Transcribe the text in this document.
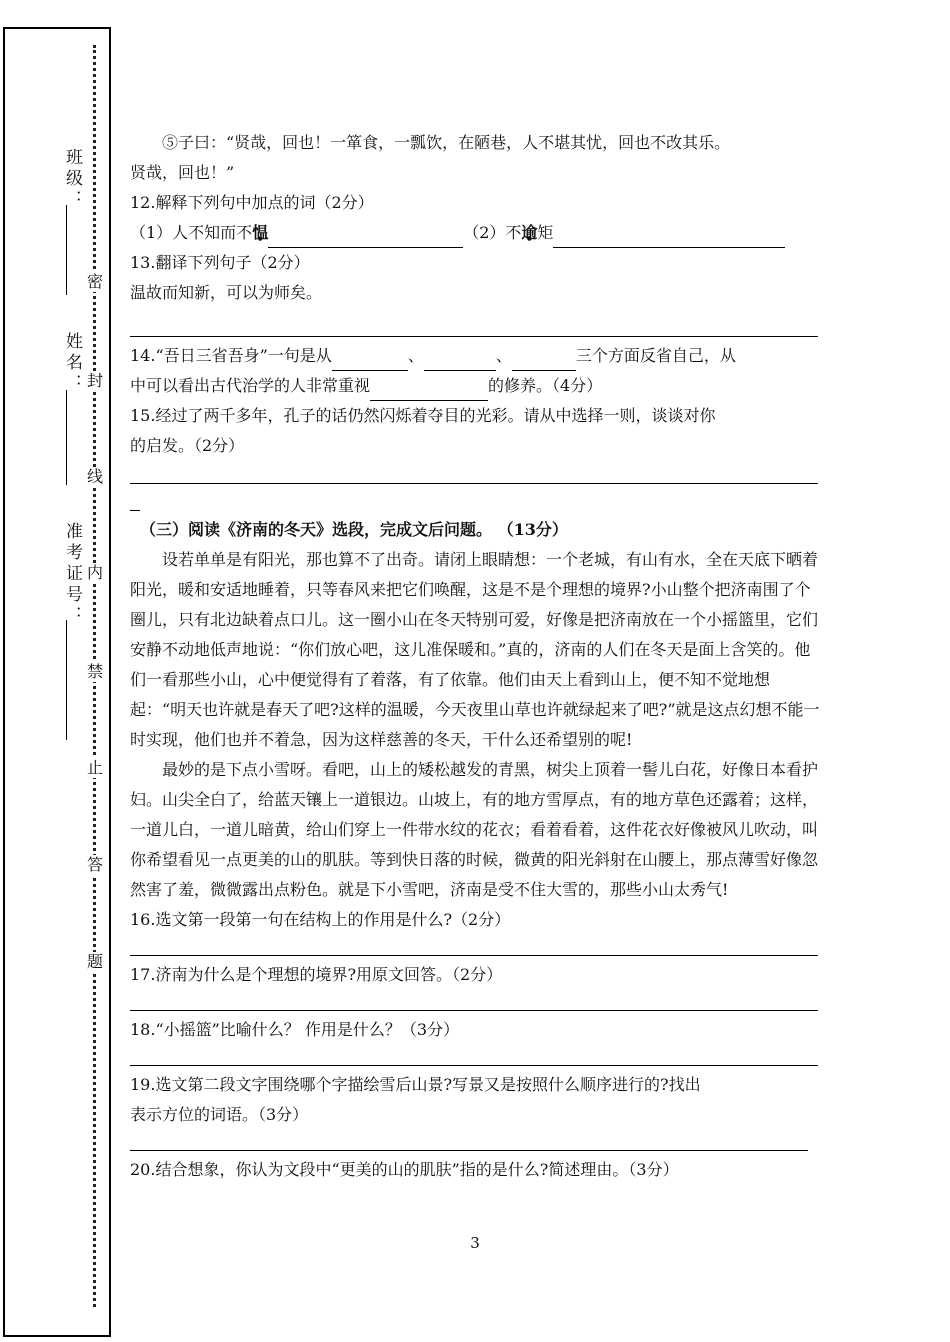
班级：
姓名：
准考证号：
密
封
线
内
禁
止
答
题

⑤子曰：“贤哉，回也！一箪食，一瓢饮，在陋巷，人不堪其忧，回也不改其乐。

贤哉，回也！”

12.解释下列句中加点的词（2分）

（1）人不知而不愠	（2）不逾矩

13.翻译下列句子（2分）

温故而知新，可以为师矣。

14.“吾日三省吾身”一句是从	、	、	三个方面反省自己，从

中可以看出古代治学的人非常重视	的修养。（4分）

15.经过了两千多年，孔子的话仍然闪烁着夺目的光彩。请从中选择一则，谈谈对你

的启发。（2分）

（三）阅读《济南的冬天》选段，完成文后问题。 （13分）

设若单单是有阳光，那也算不了出奇。请闭上眼睛想：一个老城，有山有水，全在天底下晒着阳光，暖和安适地睡着，只等春风来把它们唤醒，这是不是个理想的境界?小山整个把济南围了个圈儿，只有北边缺着点口儿。这一圈小山在冬天特别可爱，好像是把济南放在一个小摇篮里，它们安静不动地低声地说：“你们放心吧，这儿准保暖和。”真的，济南的人们在冬天是面上含笑的。他们一看那些小山，心中便觉得有了着落，有了依靠。他们由天上看到山上，便不知不觉地想起：“明天也许就是春天了吧?这样的温暖，今天夜里山草也许就绿起来了吧?”就是这点幻想不能一时实现，他们也并不着急，因为这样慈善的冬天，干什么还希望别的呢!

最妙的是下点小雪呀。看吧，山上的矮松越发的青黑，树尖上顶着一髻儿白花，好像日本看护妇。山尖全白了，给蓝天镶上一道银边。山坡上，有的地方雪厚点，有的地方草色还露着；这样，一道儿白，一道儿暗黄，给山们穿上一件带水纹的花衣；看着看着，这件花衣好像被风儿吹动，叫你希望看见一点更美的山的肌肤。等到快日落的时候，微黄的阳光斜射在山腰上，那点薄雪好像忽然害了羞，微微露出点粉色。就是下小雪吧，济南是受不住大雪的，那些小山太秀气!

16.选文第一段第一句在结构上的作用是什么?（2分）

17.济南为什么是个理想的境界?用原文回答。（2分）

18.“小摇篮”比喻什么？ 作用是什么？（3分）

19.选文第二段文字围绕哪个字描绘雪后山景?写景又是按照什么顺序进行的?找出

表示方位的词语。（3分）

20.结合想象，你认为文段中“更美的山的肌肤”指的是什么?简述理由。（3分）

3
